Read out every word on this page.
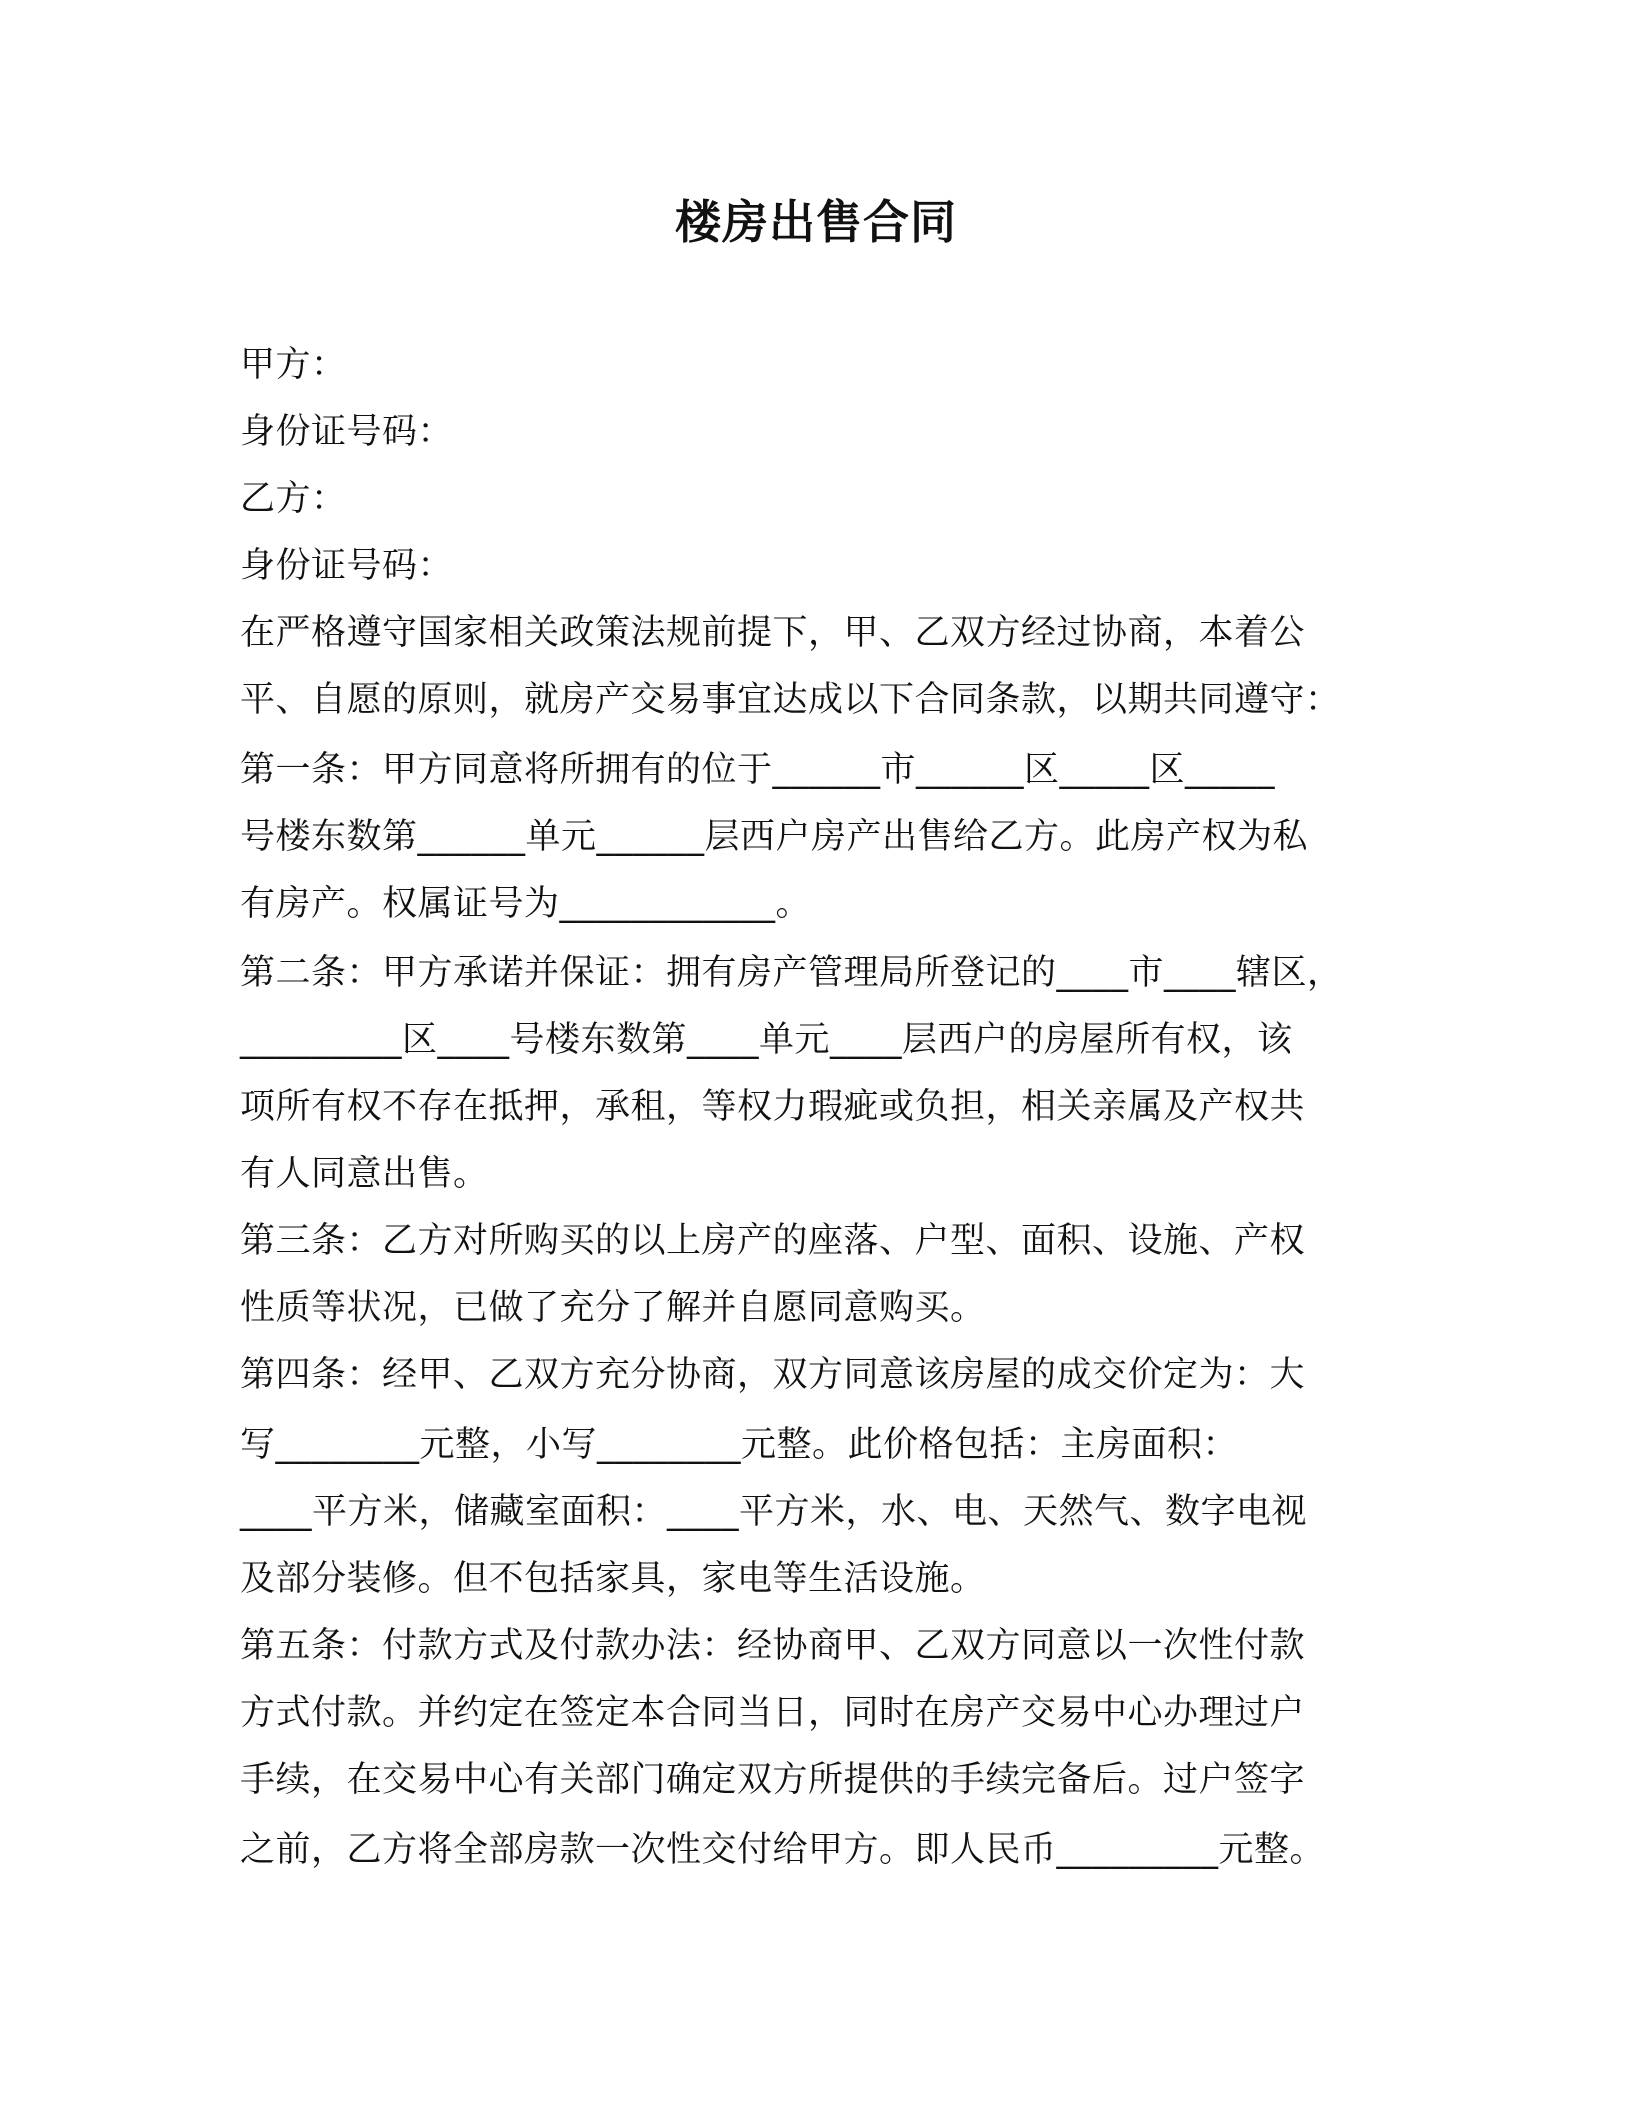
楼房出售合同
甲方：
身份证号码：
乙方：
身份证号码：
在严格遵守国家相关政策法规前提下，甲、乙双方经过协商，本着公
平、自愿的原则，就房产交易事宜达成以下合同条款，以期共同遵守：
第一条：甲方同意将所拥有的位于______市______区_____区_____
号楼东数第______单元______层西户房产出售给乙方。此房产权为私
有房产。权属证号为____________。
第二条：甲方承诺并保证：拥有房产管理局所登记的____市____辖区，
_________区____号楼东数第____单元____层西户的房屋所有权，该
项所有权不存在抵押，承租，等权力瑕疵或负担，相关亲属及产权共
有人同意出售。
第三条：乙方对所购买的以上房产的座落、户型、面积、设施、产权
性质等状况，已做了充分了解并自愿同意购买。
第四条：经甲、乙双方充分协商，双方同意该房屋的成交价定为：大
写________元整，小写________元整。此价格包括：主房面积：
____平方米，储藏室面积：____平方米，水、电、天然气、数字电视
及部分装修。但不包括家具，家电等生活设施。
第五条：付款方式及付款办法：经协商甲、乙双方同意以一次性付款
方式付款。并约定在签定本合同当日，同时在房产交易中心办理过户
手续，在交易中心有关部门确定双方所提供的手续完备后。过户签字
之前，乙方将全部房款一次性交付给甲方。即人民币_________元整。
